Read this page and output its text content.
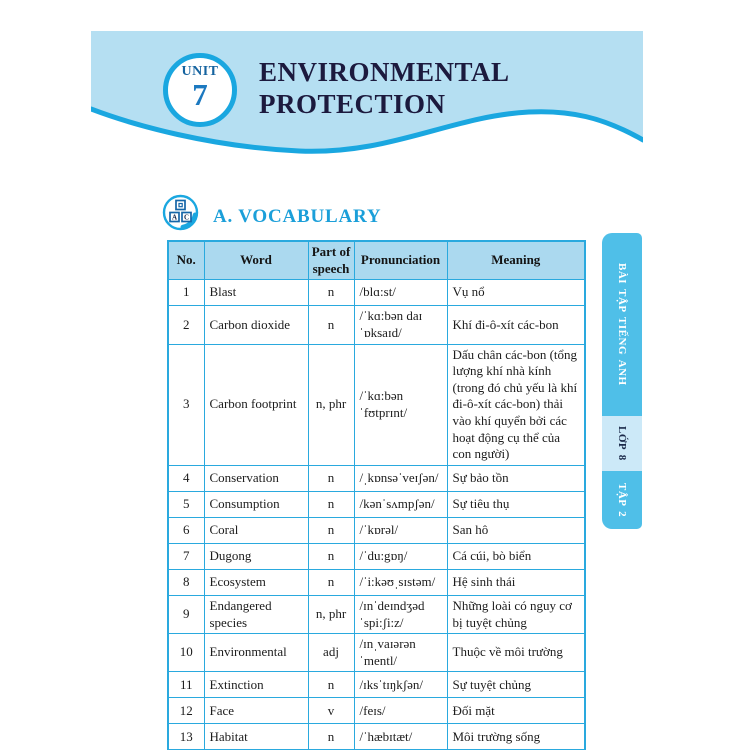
UNIT
7
ENVIRONMENTAL
PROTECTION
A C A. VOCABULARY
No.	Word	Part of speech	Pronunciation	Meaning
1	Blast	n	/blɑ:st/	Vụ nổ
2	Carbon dioxide	n	/ˈkɑ:bən daɪˈɒksaɪd/	Khí đi-ô-xít các-bon
3	Carbon footprint	n, phr	/ˈkɑ:bən ˈfʊtprɪnt/	Dấu chân các-bon (tổng lượng khí nhà kính (trong đó chủ yếu là khí đi-ô-xít các-bon) thải vào khí quyển bởi các hoạt động cụ thể của con người)
4	Conservation	n	/ˌkɒnsəˈveɪʃən/	Sự bảo tồn
5	Consumption	n	/kənˈsʌmpʃən/	Sự tiêu thụ
6	Coral	n	/ˈkɒrəl/	San hô
7	Dugong	n	/ˈdu:gɒŋ/	Cá cúi, bò biển
8	Ecosystem	n	/ˈi:kəʊˌsɪstəm/	Hệ sinh thái
9	Endangered species	n, phr	/ɪnˈdeɪndʒəd ˈspi:ʃi:z/	Những loài có nguy cơ bị tuyệt chủng
10	Environmental	adj	/ɪnˌvaɪərənˈmentl/	Thuộc về môi trường
11	Extinction	n	/ɪksˈtɪŋkʃən/	Sự tuyệt chủng
12	Face	v	/feɪs/	Đối mặt
13	Habitat	n	/ˈhæbɪtæt/	Môi trường sống
BÀI TẬP TIẾNG ANH
LỚP 8
TẬP 2
